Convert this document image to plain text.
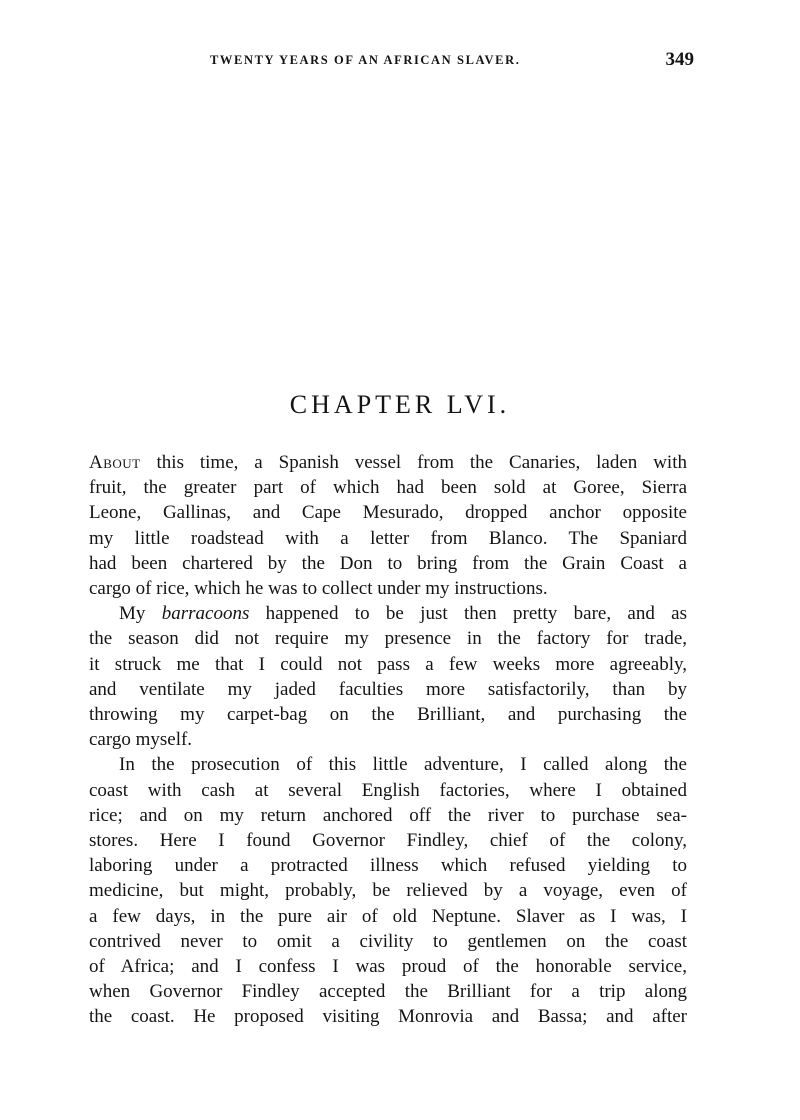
TWENTY YEARS OF AN AFRICAN SLAVER.	349
CHAPTER LVI.

About this time, a Spanish vessel from the Canaries, laden with
fruit, the greater part of which had been sold at Goree, Sierra
Leone, Gallinas, and Cape Mesurado, dropped anchor opposite
my little roadstead with a letter from Blanco. The Spaniard
had been chartered by the Don to bring from the Grain Coast a
cargo of rice, which he was to collect under my instructions.

My barracoons happened to be just then pretty bare, and as
the season did not require my presence in the factory for trade,
it struck me that I could not pass a few weeks more agreeably,
and ventilate my jaded faculties more satisfactorily, than by
throwing my carpet-bag on the Brilliant, and purchasing the
cargo myself.

In the prosecution of this little adventure, I called along the
coast with cash at several English factories, where I obtained
rice; and on my return anchored off the river to purchase sea-
stores. Here I found Governor Findley, chief of the colony,
laboring under a protracted illness which refused yielding to
medicine, but might, probably, be relieved by a voyage, even of
a few days, in the pure air of old Neptune. Slaver as I was, I
contrived never to omit a civility to gentlemen on the coast
of Africa; and I confess I was proud of the honorable service,
when Governor Findley accepted the Brilliant for a trip along
the coast. He proposed visiting Monrovia and Bassa; and after
